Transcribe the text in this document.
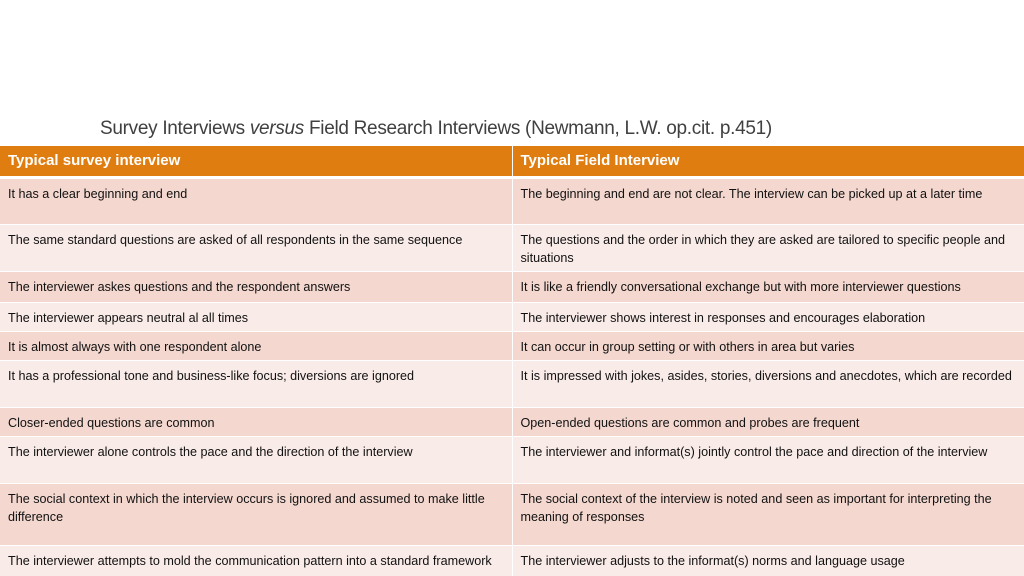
Survey Interviews versus Field Research Interviews (Newmann, L.W. op.cit. p.451)
Typical survey interview	Typical Field Interview
It has a clear beginning and end	The beginning and end are not clear. The interview can be picked up at a later time
The same standard questions are asked of all respondents in the same sequence	The questions and the order in which they are asked are tailored to specific people and situations
The interviewer askes questions and the respondent answers	It is like a friendly conversational exchange but with more interviewer questions
The interviewer appears neutral al all times	The interviewer shows interest in responses and encourages elaboration
It is almost always with one respondent alone	It can occur in group setting or with others in area but varies
It has a professional tone and business-like focus; diversions are ignored	It is impressed with jokes, asides, stories, diversions and anecdotes, which are recorded
Closer-ended questions are common	Open-ended questions are common and probes are frequent
The interviewer alone controls the pace and the direction of the interview	The interviewer and informat(s) jointly control the pace and direction of the interview
The social context in which the interview occurs is ignored and assumed to make little difference	The social context of the interview is noted and seen as important for interpreting the meaning of responses
The interviewer attempts to mold the communication pattern into a standard framework	The interviewer adjusts to the informat(s) norms and language usage
